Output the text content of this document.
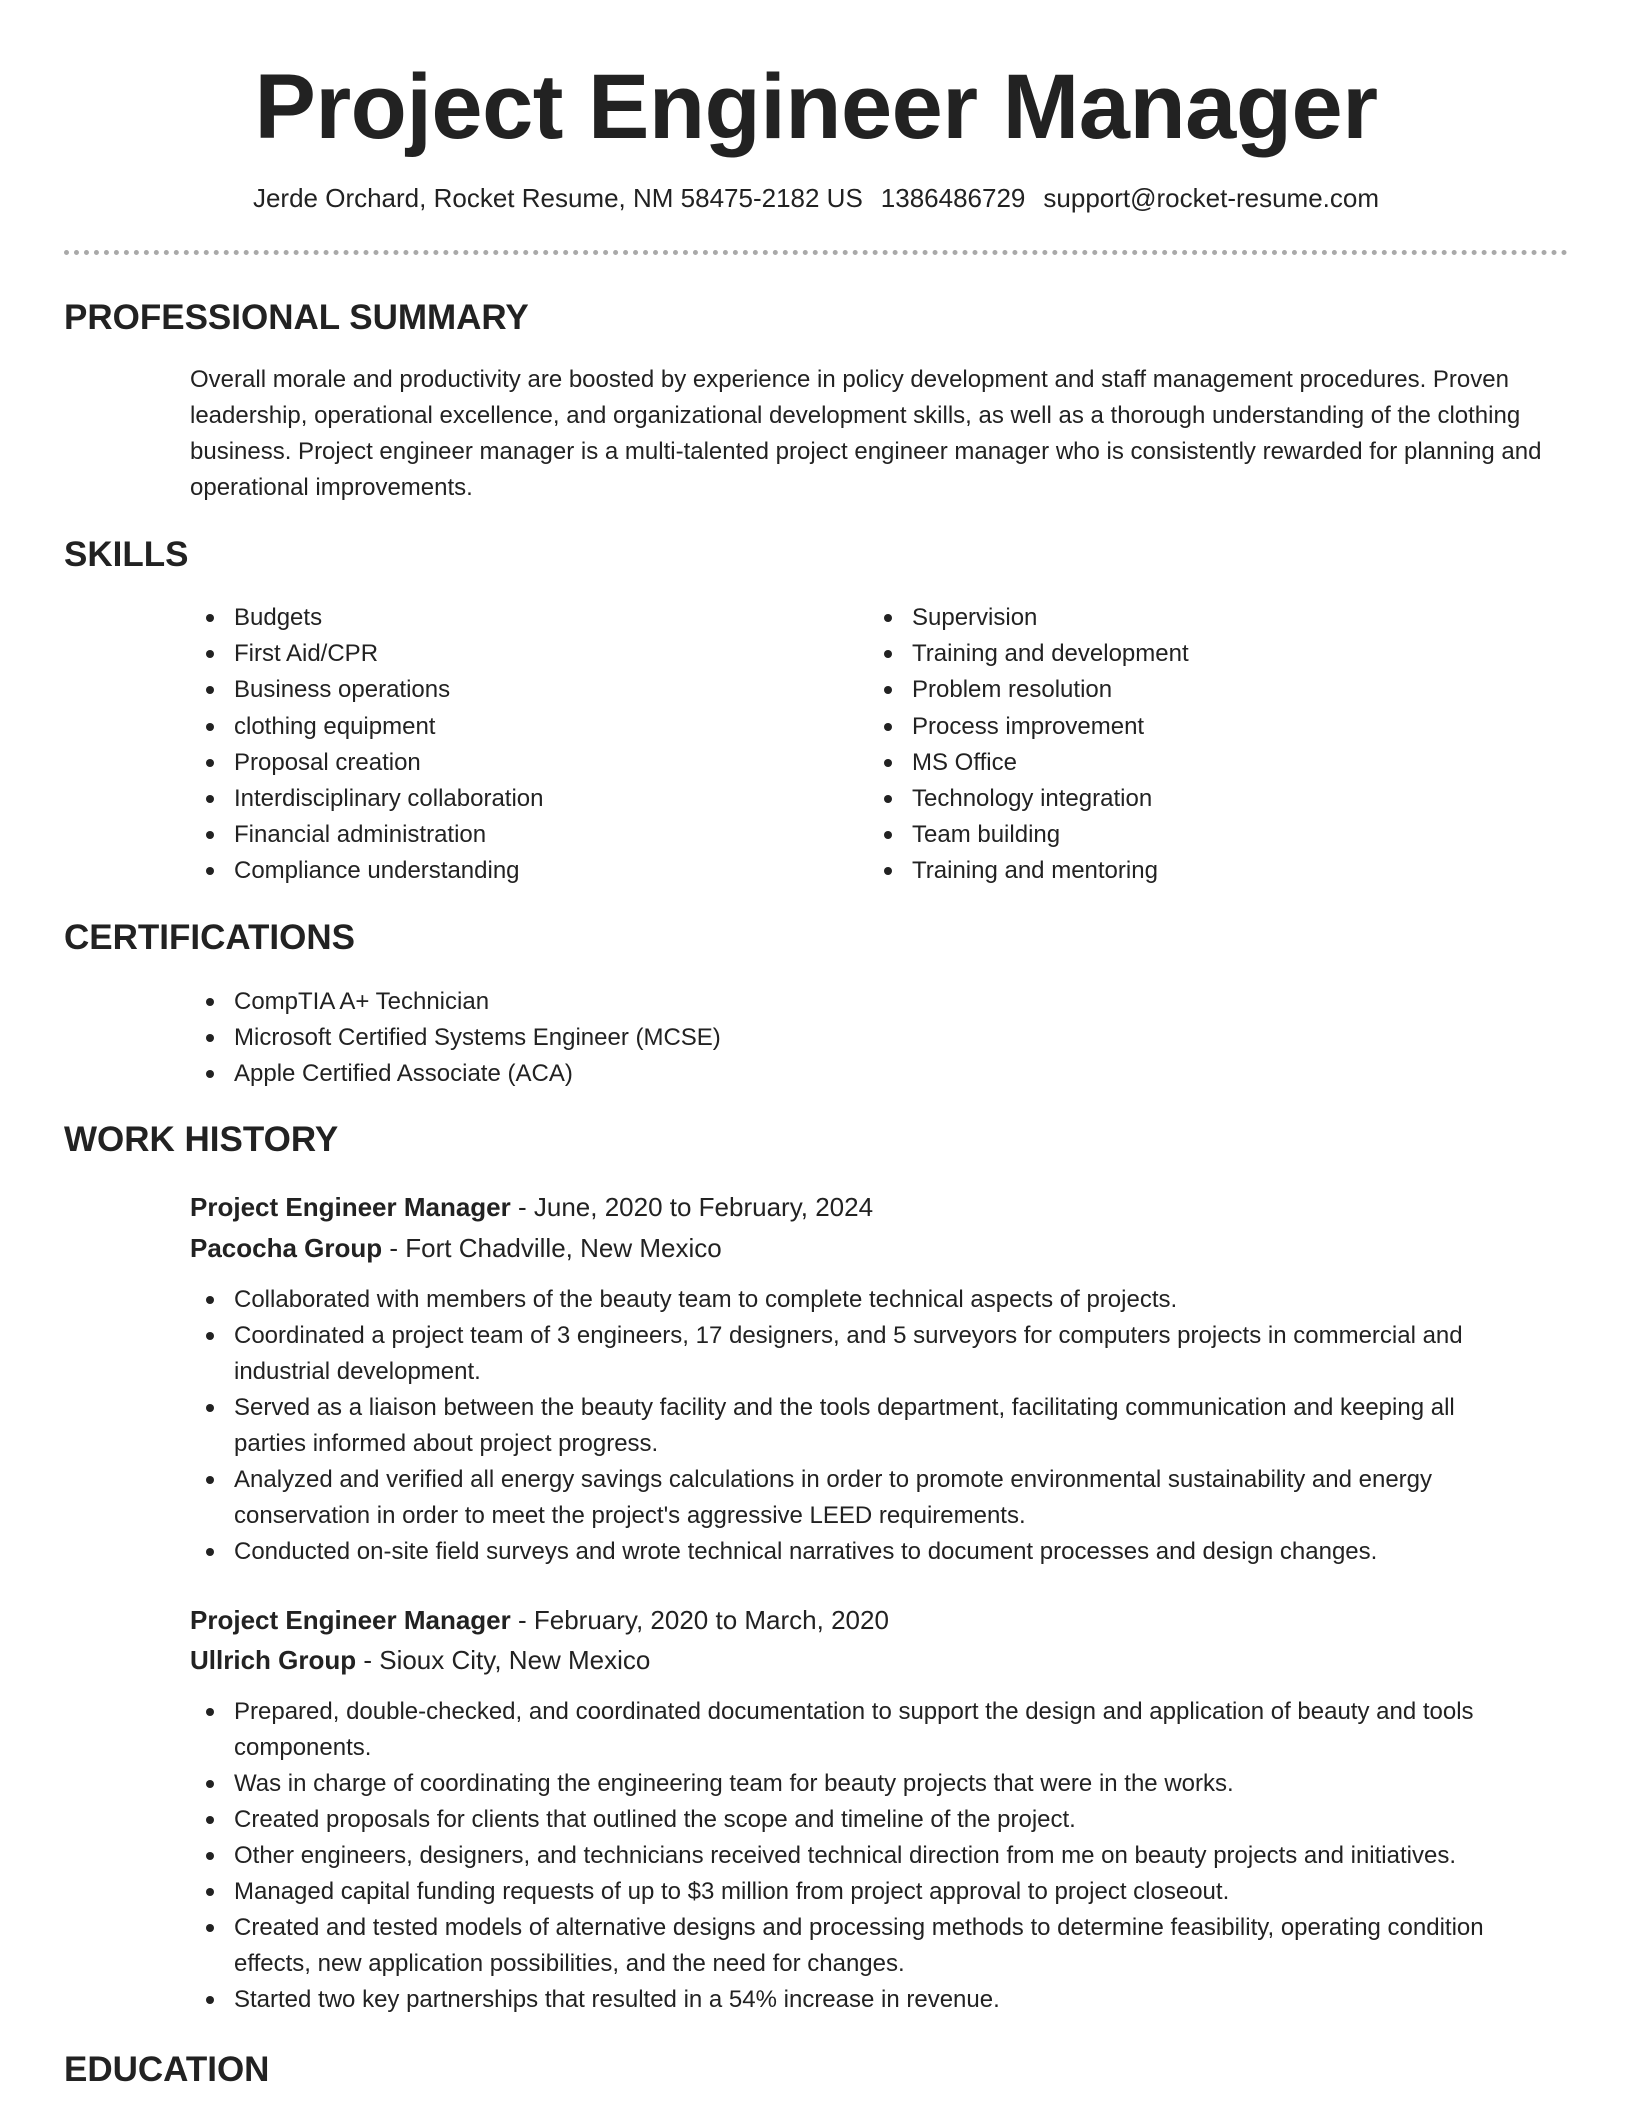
Project Engineer Manager
Jerde Orchard, Rocket Resume, NM 58475-2182 US 1386486729 support@rocket-resume.com
PROFESSIONAL SUMMARY

Overall morale and productivity are boosted by experience in policy development and staff management procedures. Proven leadership, operational excellence, and organizational development skills, as well as a thorough understanding of the clothing business. Project engineer manager is a multi-talented project engineer manager who is consistently rewarded for planning and operational improvements.

SKILLS
Budgets
First Aid/CPR
Business operations
clothing equipment
Proposal creation
Interdisciplinary collaboration
Financial administration
Compliance understanding
Supervision
Training and development
Problem resolution
Process improvement
MS Office
Technology integration
Team building
Training and mentoring
CERTIFICATIONS
CompTIA A+ Technician
Microsoft Certified Systems Engineer (MCSE)
Apple Certified Associate (ACA)
WORK HISTORY
Project Engineer Manager - June, 2020 to February, 2024
Pacocha Group - Fort Chadville, New Mexico
Collaborated with members of the beauty team to complete technical aspects of projects.
Coordinated a project team of 3 engineers, 17 designers, and 5 surveyors for computers projects in commercial and industrial development.
Served as a liaison between the beauty facility and the tools department, facilitating communication and keeping all parties informed about project progress.
Analyzed and verified all energy savings calculations in order to promote environmental sustainability and energy conservation in order to meet the project's aggressive LEED requirements.
Conducted on-site field surveys and wrote technical narratives to document processes and design changes.
Project Engineer Manager - February, 2020 to March, 2020
Ullrich Group - Sioux City, New Mexico
Prepared, double-checked, and coordinated documentation to support the design and application of beauty and tools components.
Was in charge of coordinating the engineering team for beauty projects that were in the works.
Created proposals for clients that outlined the scope and timeline of the project.
Other engineers, designers, and technicians received technical direction from me on beauty projects and initiatives.
Managed capital funding requests of up to $3 million from project approval to project closeout.
Created and tested models of alternative designs and processing methods to determine feasibility, operating condition effects, new application possibilities, and the need for changes.
Started two key partnerships that resulted in a 54% increase in revenue.
EDUCATION
